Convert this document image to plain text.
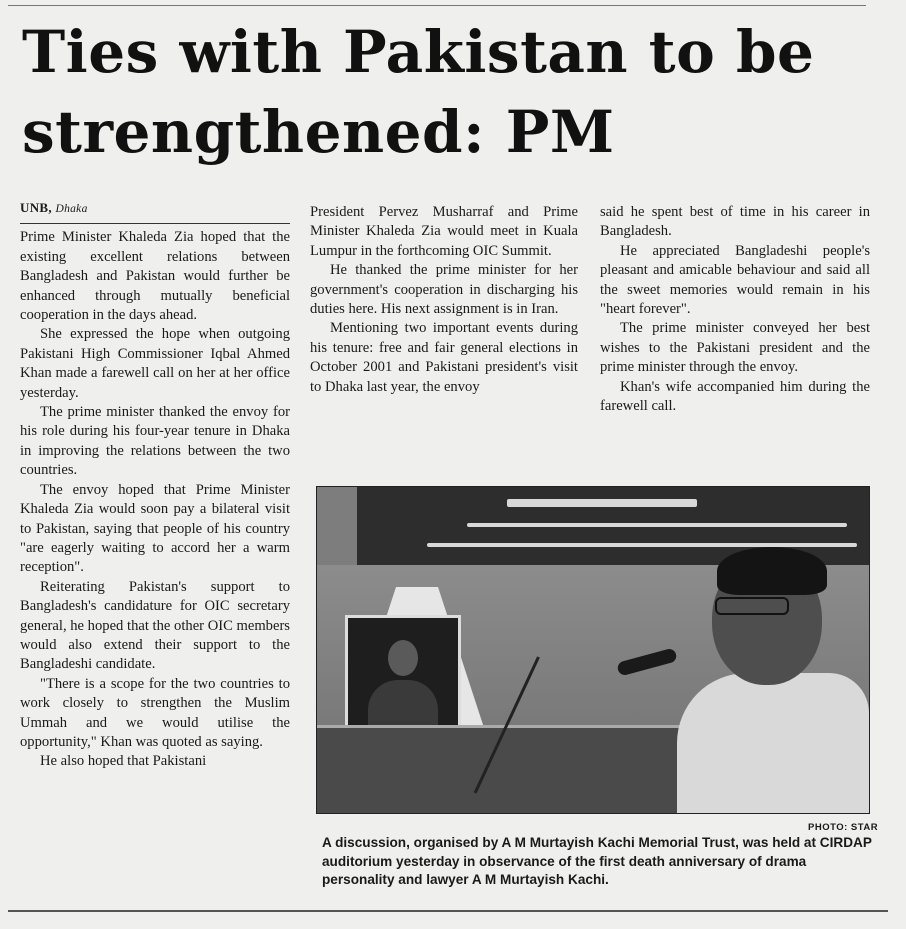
Ties with Pakistan to be strengthened: PM
UNB, Dhaka

Prime Minister Khaleda Zia hoped that the existing excellent relations between Bangladesh and Pakistan would further be enhanced through mutually beneficial cooperation in the days ahead.

She expressed the hope when outgoing Pakistani High Commissioner Iqbal Ahmed Khan made a farewell call on her at her office yesterday.

The prime minister thanked the envoy for his role during his four-year tenure in Dhaka in improving the relations between the two countries.

The envoy hoped that Prime Minister Khaleda Zia would soon pay a bilateral visit to Pakistan, saying that people of his country "are eagerly waiting to accord her a warm reception".

Reiterating Pakistan's support to Bangladesh's candidature for OIC secretary general, he hoped that the other OIC members would also extend their support to the Bangladeshi candidate.

"There is a scope for the two countries to work closely to strengthen the Muslim Ummah and we would utilise the opportunity," Khan was quoted as saying.

He also hoped that Pakistani

President Pervez Musharraf and Prime Minister Khaleda Zia would meet in Kuala Lumpur in the forthcoming OIC Summit.

He thanked the prime minister for her government's cooperation in discharging his duties here. His next assignment is in Iran.

Mentioning two important events during his tenure: free and fair general elections in October 2001 and Pakistani president's visit to Dhaka last year, the envoy

said he spent best of time in his career in Bangladesh.

He appreciated Bangladeshi people's pleasant and amicable behaviour and said all the sweet memories would remain in his "heart forever".

The prime minister conveyed her best wishes to the Pakistani president and the prime minister through the envoy.

Khan's wife accompanied him during the farewell call.

PHOTO: STAR
A discussion, organised by A M Murtayish Kachi Memorial Trust, was held at CIRDAP auditorium yesterday in observance of the first death anniversary of drama personality and lawyer A M Murtayish Kachi.
